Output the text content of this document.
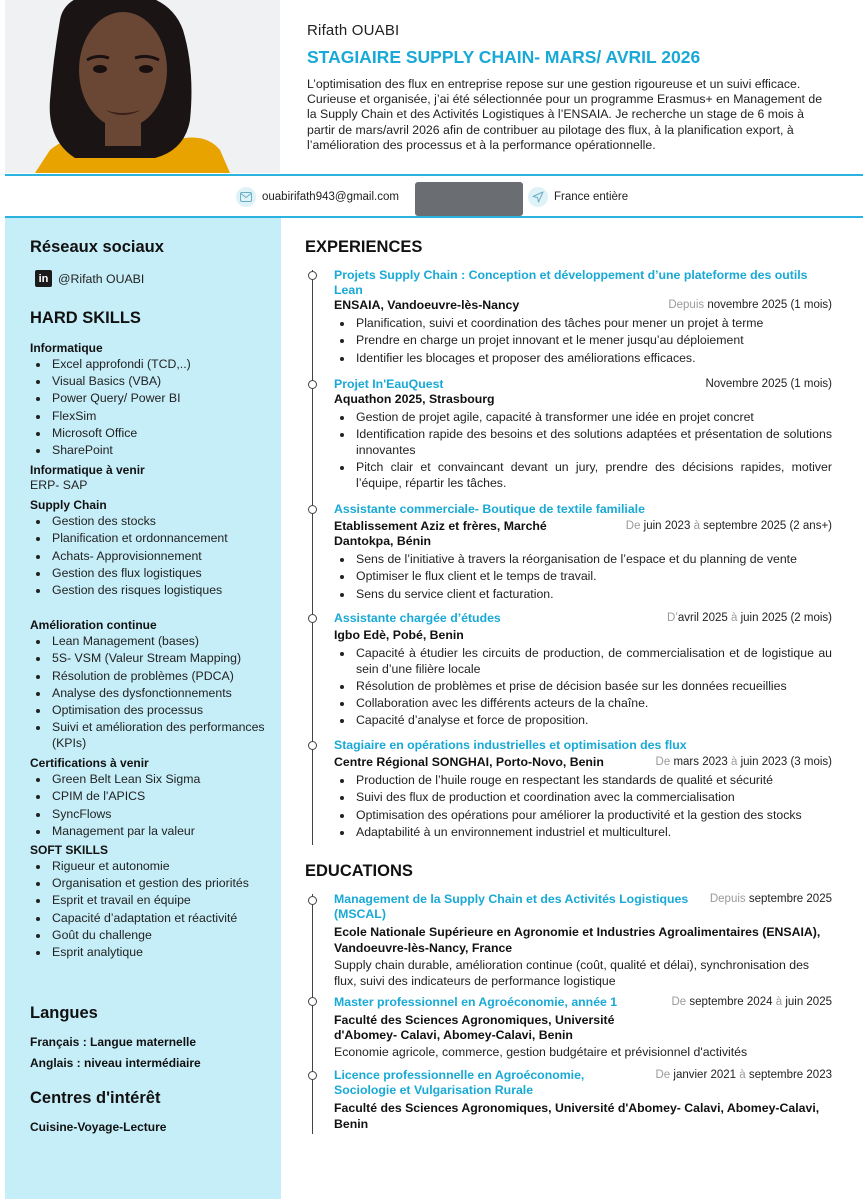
Rifath OUABI
STAGIAIRE SUPPLY CHAIN- MARS/ AVRIL 2026
L’optimisation des flux en entreprise repose sur une gestion rigoureuse et un suivi efficace. Curieuse et organisée, j’ai été sélectionnée pour un programme Erasmus+ en Management de la Supply Chain et des Activités Logistiques à l’ENSAIA. Je recherche un stage de 6 mois à partir de mars/avril 2026 afin de contribuer au pilotage des flux, à la planification export, à l’amélioration des processus et à la performance opérationnelle.
ouabirifath943@gmail.com	France entière
Réseaux sociaux
in @Rifath OUABI
HARD SKILLS
Informatique
Excel approfondi (TCD,..)
Visual Basics (VBA)
Power Query/ Power BI
FlexSim
Microsoft Office
SharePoint
Informatique à venir
ERP- SAP
Supply Chain
Gestion des stocks
Planification et ordonnancement
Achats- Approvisionnement
Gestion des flux logistiques
Gestion des risques logistiques
Amélioration continue
Lean Management (bases)
5S- VSM (Valeur Stream Mapping)
Résolution de problèmes (PDCA)
Analyse des dysfonctionnements
Optimisation des processus
Suivi et amélioration des performances (KPIs)
Certifications à venir
Green Belt Lean Six Sigma
CPIM de l'APICS
SyncFlows
Management par la valeur
SOFT SKILLS
Rigueur et autonomie
Organisation et gestion des priorités
Esprit et travail en équipe
Capacité d’adaptation et réactivité
Goût du challenge
Esprit analytique
Langues
Français : Langue maternelle
Anglais : niveau intermédiaire
Centres d'intérêt
Cuisine-Voyage-Lecture
EXPERIENCES
Projets Supply Chain : Conception et développement d’une plateforme des outils Lean
ENSAIA, Vandoeuvre-lès-Nancy	Depuis novembre 2025 (1 mois)
Planification, suivi et coordination des tâches pour mener un projet à terme
Prendre en charge un projet innovant et le mener jusqu’au déploiement
Identifier les blocages et proposer des améliorations efficaces.
Projet In'EauQuest	Novembre 2025 (1 mois)
Aquathon 2025, Strasbourg
Gestion de projet agile, capacité à transformer une idée en projet concret
Identification rapide des besoins et des solutions adaptées et présentation de solutions innovantes
Pitch clair et convaincant devant un jury, prendre des décisions rapides, motiver l’équipe, répartir les tâches.
Assistante commerciale- Boutique de textile familiale
Etablissement Aziz et frères, Marché
Dantokpa, Bénin
De juin 2023 à septembre 2025 (2 ans+)
Sens de l’initiative à travers la réorganisation de l’espace et du planning de vente
Optimiser le flux client et le temps de travail.
Sens du service client et facturation.
Assistante chargée d’études	D’avril 2025 à juin 2025 (2 mois)
Igbo Edè, Pobé, Benin
Capacité à étudier les circuits de production, de commercialisation et de logistique au sein d’une filière locale
Résolution de problèmes et prise de décision basée sur les données recueillies
Collaboration avec les différents acteurs de la chaîne.
Capacité d’analyse et force de proposition.
Stagiaire en opérations industrielles et optimisation des flux
Centre Régional SONGHAI, Porto-Novo, Benin	De mars 2023 à juin 2023 (3 mois)
Production de l’huile rouge en respectant les standards de qualité et sécurité
Suivi des flux de production et coordination avec la commercialisation
Optimisation des opérations pour améliorer la productivité et la gestion des stocks
Adaptabilité à un environnement industriel et multiculturel.
EDUCATIONS
Management de la Supply Chain et des Activités Logistiques
(MSCAL)
Depuis septembre 2025
Ecole Nationale Supérieure en Agronomie et Industries Agroalimentaires (ENSAIA), Vandoeuvre-lès-Nancy, France
Supply chain durable, amélioration continue (coût, qualité et délai), synchronisation des flux, suivi des indicateurs de performance logistique
Master professionnel en Agroéconomie, année 1	De septembre 2024 à juin 2025
Faculté des Sciences Agronomiques, Université
d'Abomey- Calavi, Abomey-Calavi, Benin
Economie agricole, commerce, gestion budgétaire et prévisionnel d'activités
Licence professionnelle en Agroéconomie,
Sociologie et Vulgarisation Rurale
De janvier 2021 à septembre 2023
Faculté des Sciences Agronomiques, Université d'Abomey- Calavi, Abomey-Calavi, Benin
